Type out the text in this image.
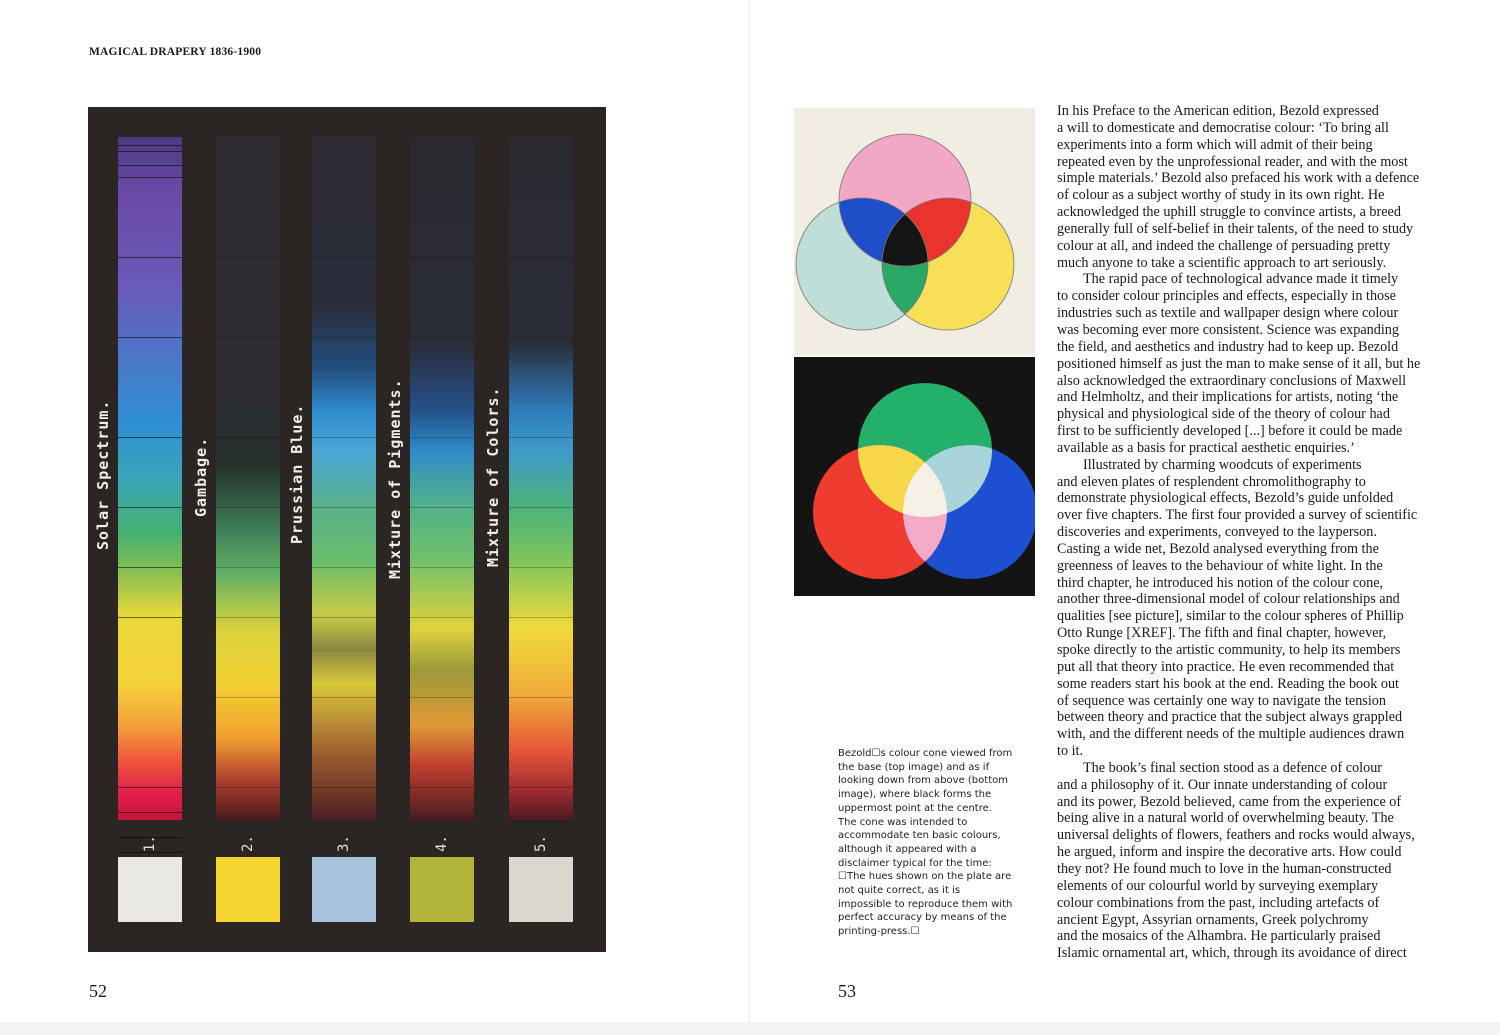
MAGICAL DRAPERY 1836-1900
Solar Spectrum.
1.
Gambage.
2.
Prussian Blue.
3.
Mixture of Pigments.
4.
Mixture of Colors.
5.
52	53
Bezold☐s colour cone viewed from the base (top image) and as if looking down from above (bottom image), where black forms the uppermost point at the centre. The cone was intended to accommodate ten basic colours, although it appeared with a disclaimer typical for the time: ☐The hues shown on the plate are not quite correct, as it is impossible to reproduce them with perfect accuracy by means of the printing-press.☐
In his Preface to the American edition, Bezold expressed
a will to domesticate and democratise colour: ‘To bring all
experiments into a form which will admit of their being
repeated even by the unprofessional reader, and with the most
simple materials.’ Bezold also prefaced his work with a defence
of colour as a subject worthy of study in its own right. He
acknowledged the uphill struggle to convince artists, a breed
generally full of self-belief in their talents, of the need to study
colour at all, and indeed the challenge of persuading pretty
much anyone to take a scientific approach to art seriously.
The rapid pace of technological advance made it timely
to consider colour principles and effects, especially in those
industries such as textile and wallpaper design where colour
was becoming ever more consistent. Science was expanding
the field, and aesthetics and industry had to keep up. Bezold
positioned himself as just the man to make sense of it all, but he
also acknowledged the extraordinary conclusions of Maxwell
and Helmholtz, and their implications for artists, noting ‘the
physical and physiological side of the theory of colour had
first to be sufficiently developed [...] before it could be made
available as a basis for practical aesthetic enquiries.’
Illustrated by charming woodcuts of experiments
and eleven plates of resplendent chromolithography to
demonstrate physiological effects, Bezold’s guide unfolded
over five chapters. The first four provided a survey of scientific
discoveries and experiments, conveyed to the layperson.
Casting a wide net, Bezold analysed everything from the
greenness of leaves to the behaviour of white light. In the
third chapter, he introduced his notion of the colour cone,
another three-dimensional model of colour relationships and
qualities [see picture], similar to the colour spheres of Phillip
Otto Runge [XREF]. The fifth and final chapter, however,
spoke directly to the artistic community, to help its members
put all that theory into practice. He even recommended that
some readers start his book at the end. Reading the book out
of sequence was certainly one way to navigate the tension
between theory and practice that the subject always grappled
with, and the different needs of the multiple audiences drawn
to it.
The book’s final section stood as a defence of colour
and a philosophy of it. Our innate understanding of colour
and its power, Bezold believed, came from the experience of
being alive in a natural world of overwhelming beauty. The
universal delights of flowers, feathers and rocks would always,
he argued, inform and inspire the decorative arts. How could
they not? He found much to love in the human-constructed
elements of our colourful world by surveying exemplary
colour combinations from the past, including artefacts of
ancient Egypt, Assyrian ornaments, Greek polychromy
and the mosaics of the Alhambra. He particularly praised
Islamic ornamental art, which, through its avoidance of direct
